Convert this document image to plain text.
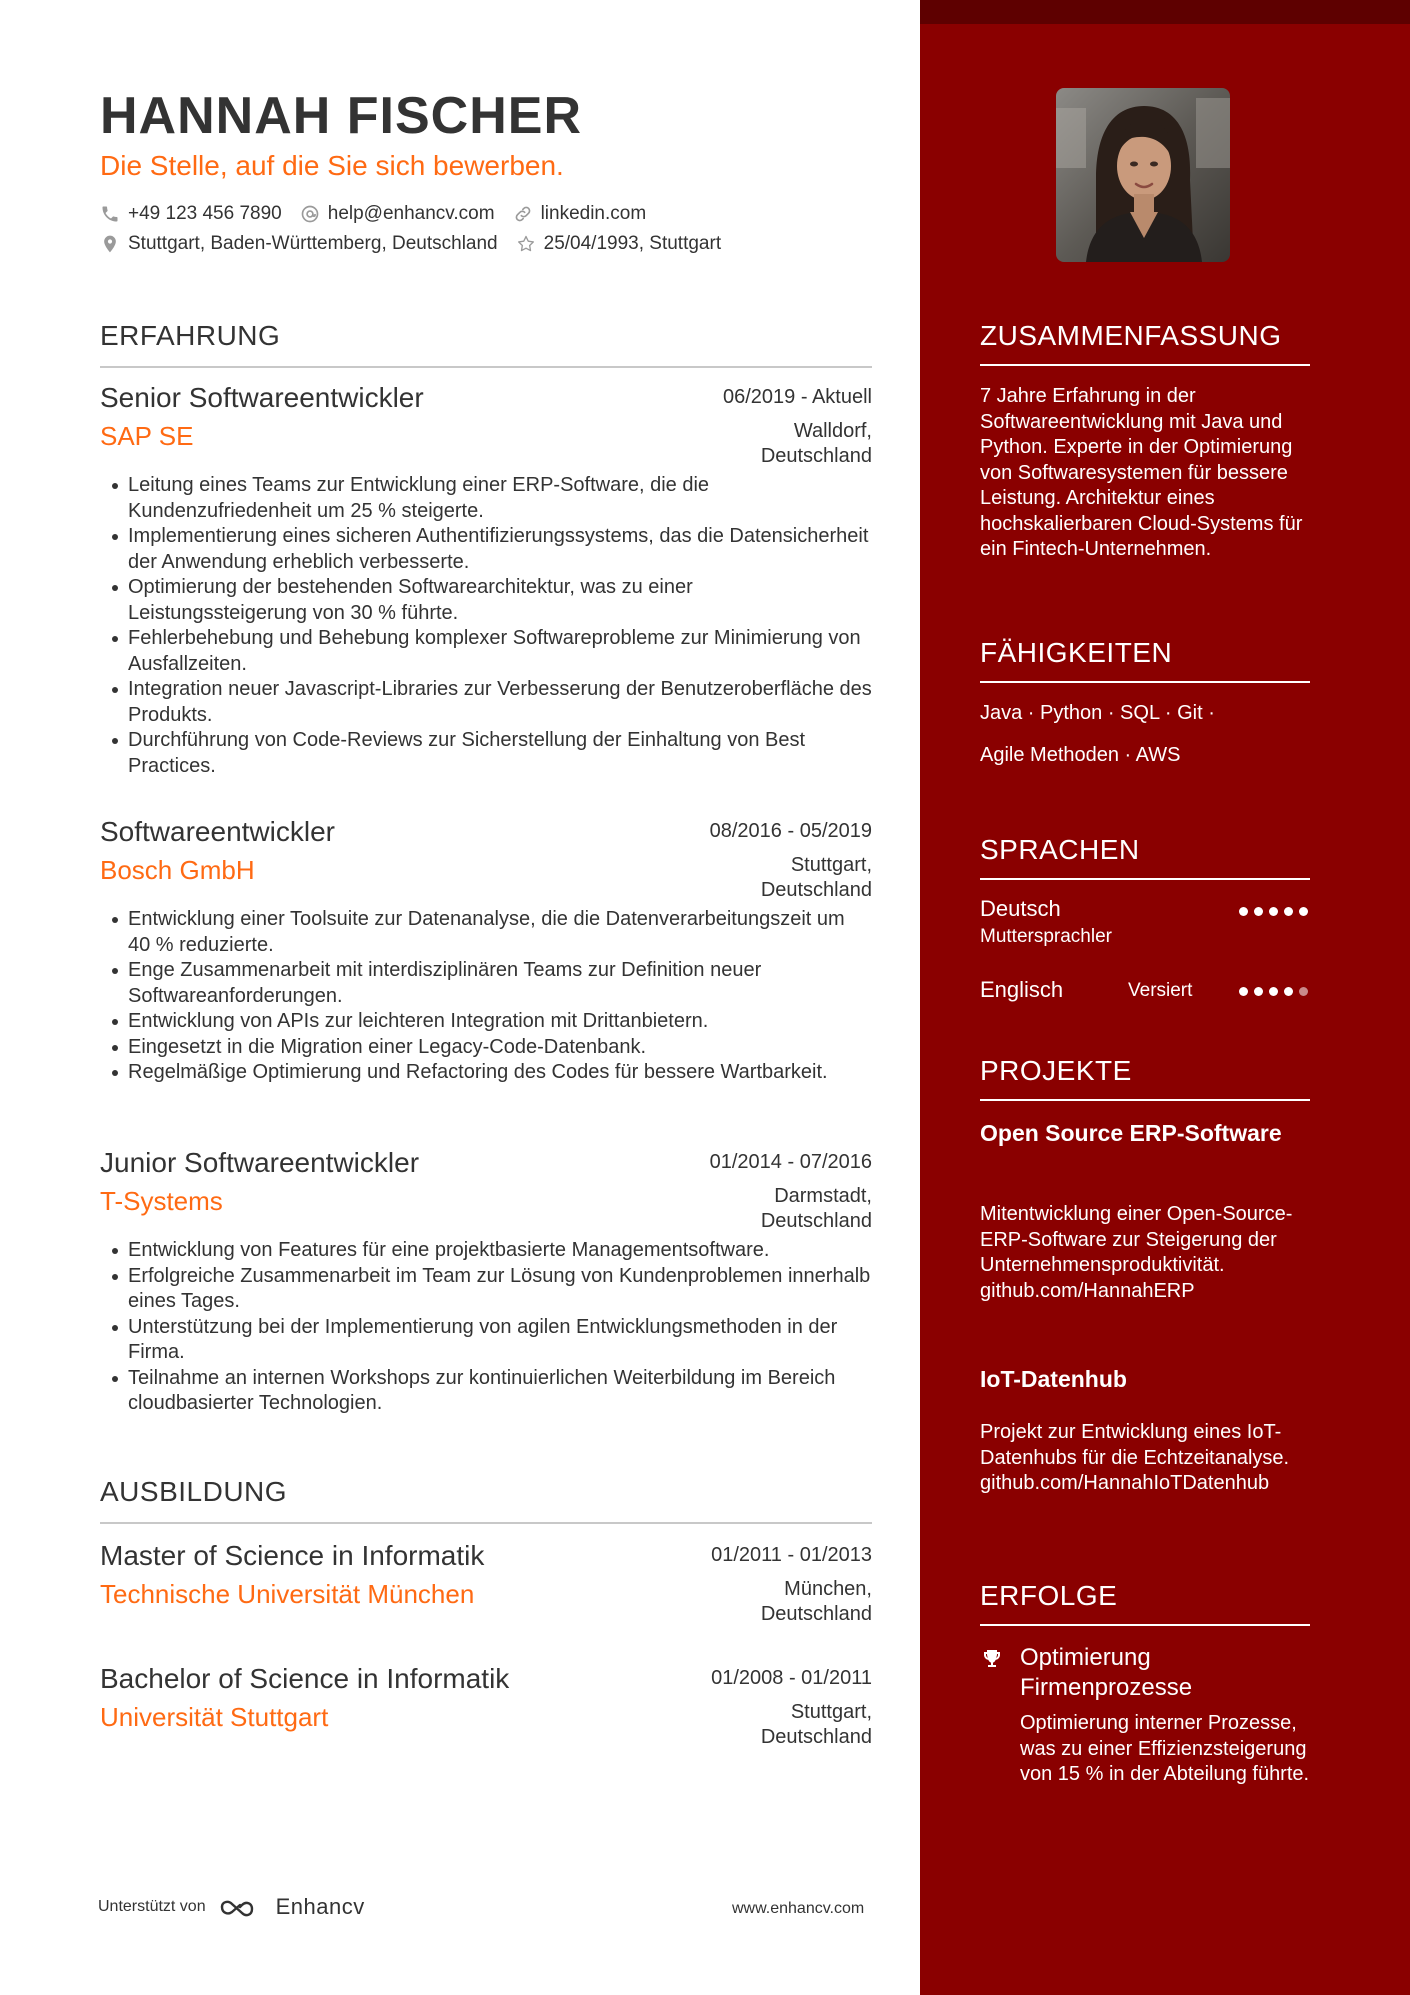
HANNAH FISCHER
Die Stelle, auf die Sie sich bewerben.
+49 123 456 7890 help@enhancv.com linkedin.com
Stuttgart, Baden-Württemberg, Deutschland 25/04/1993, Stuttgart
ERFAHRUNG
Senior Softwareentwickler	06/2019 - Aktuell
SAP SE	Walldorf, Deutschland
Leitung eines Teams zur Entwicklung einer ERP-Software, die die Kundenzufriedenheit um 25 % steigerte.
Implementierung eines sicheren Authentifizierungssystems, das die Datensicherheit der Anwendung erheblich verbesserte.
Optimierung der bestehenden Softwarearchitektur, was zu einer Leistungssteigerung von 30 % führte.
Fehlerbehebung und Behebung komplexer Softwareprobleme zur Minimierung von Ausfallzeiten.
Integration neuer Javascript-Libraries zur Verbesserung der Benutzeroberfläche des Produkts.
Durchführung von Code-Reviews zur Sicherstellung der Einhaltung von Best Practices.
Softwareentwickler	08/2016 - 05/2019
Bosch GmbH	Stuttgart, Deutschland
Entwicklung einer Toolsuite zur Datenanalyse, die die Datenverarbeitungszeit um 40 % reduzierte.
Enge Zusammenarbeit mit interdisziplinären Teams zur Definition neuer Softwareanforderungen.
Entwicklung von APIs zur leichteren Integration mit Drittanbietern.
Eingesetzt in die Migration einer Legacy-Code-Datenbank.
Regelmäßige Optimierung und Refactoring des Codes für bessere Wartbarkeit.
Junior Softwareentwickler	01/2014 - 07/2016
T-Systems	Darmstadt, Deutschland
Entwicklung von Features für eine projektbasierte Managementsoftware.
Erfolgreiche Zusammenarbeit im Team zur Lösung von Kundenproblemen innerhalb eines Tages.
Unterstützung bei der Implementierung von agilen Entwicklungsmethoden in der Firma.
Teilnahme an internen Workshops zur kontinuierlichen Weiterbildung im Bereich cloudbasierter Technologien.
AUSBILDUNG
Master of Science in Informatik	01/2011 - 01/2013
Technische Universität München	München, Deutschland
Bachelor of Science in Informatik	01/2008 - 01/2011
Universität Stuttgart	Stuttgart, Deutschland
Unterstützt von	Enhancv	www.enhancv.com
ZUSAMMENFASSUNG
7 Jahre Erfahrung in der Softwareentwicklung mit Java und Python. Experte in der Optimierung von Softwaresystemen für bessere Leistung. Architektur eines hochskalierbaren Cloud-Systems für ein Fintech-Unternehmen.
FÄHIGKEITEN
Java · Python · SQL · Git ·
Agile Methoden · AWS
SPRACHEN
Deutsch
Muttersprachler
Englisch	Versiert
PROJEKTE
Open Source ERP-Software
Mitentwicklung einer Open-Source-ERP-Software zur Steigerung der Unternehmensproduktivität. github.com/HannahERP
IoT-Datenhub
Projekt zur Entwicklung eines IoT-Datenhubs für die Echtzeitanalyse. github.com/HannahIoTDatenhub
ERFOLGE
Optimierung Firmenprozesse
Optimierung interner Prozesse, was zu einer Effizienzsteigerung von 15 % in der Abteilung führte.
